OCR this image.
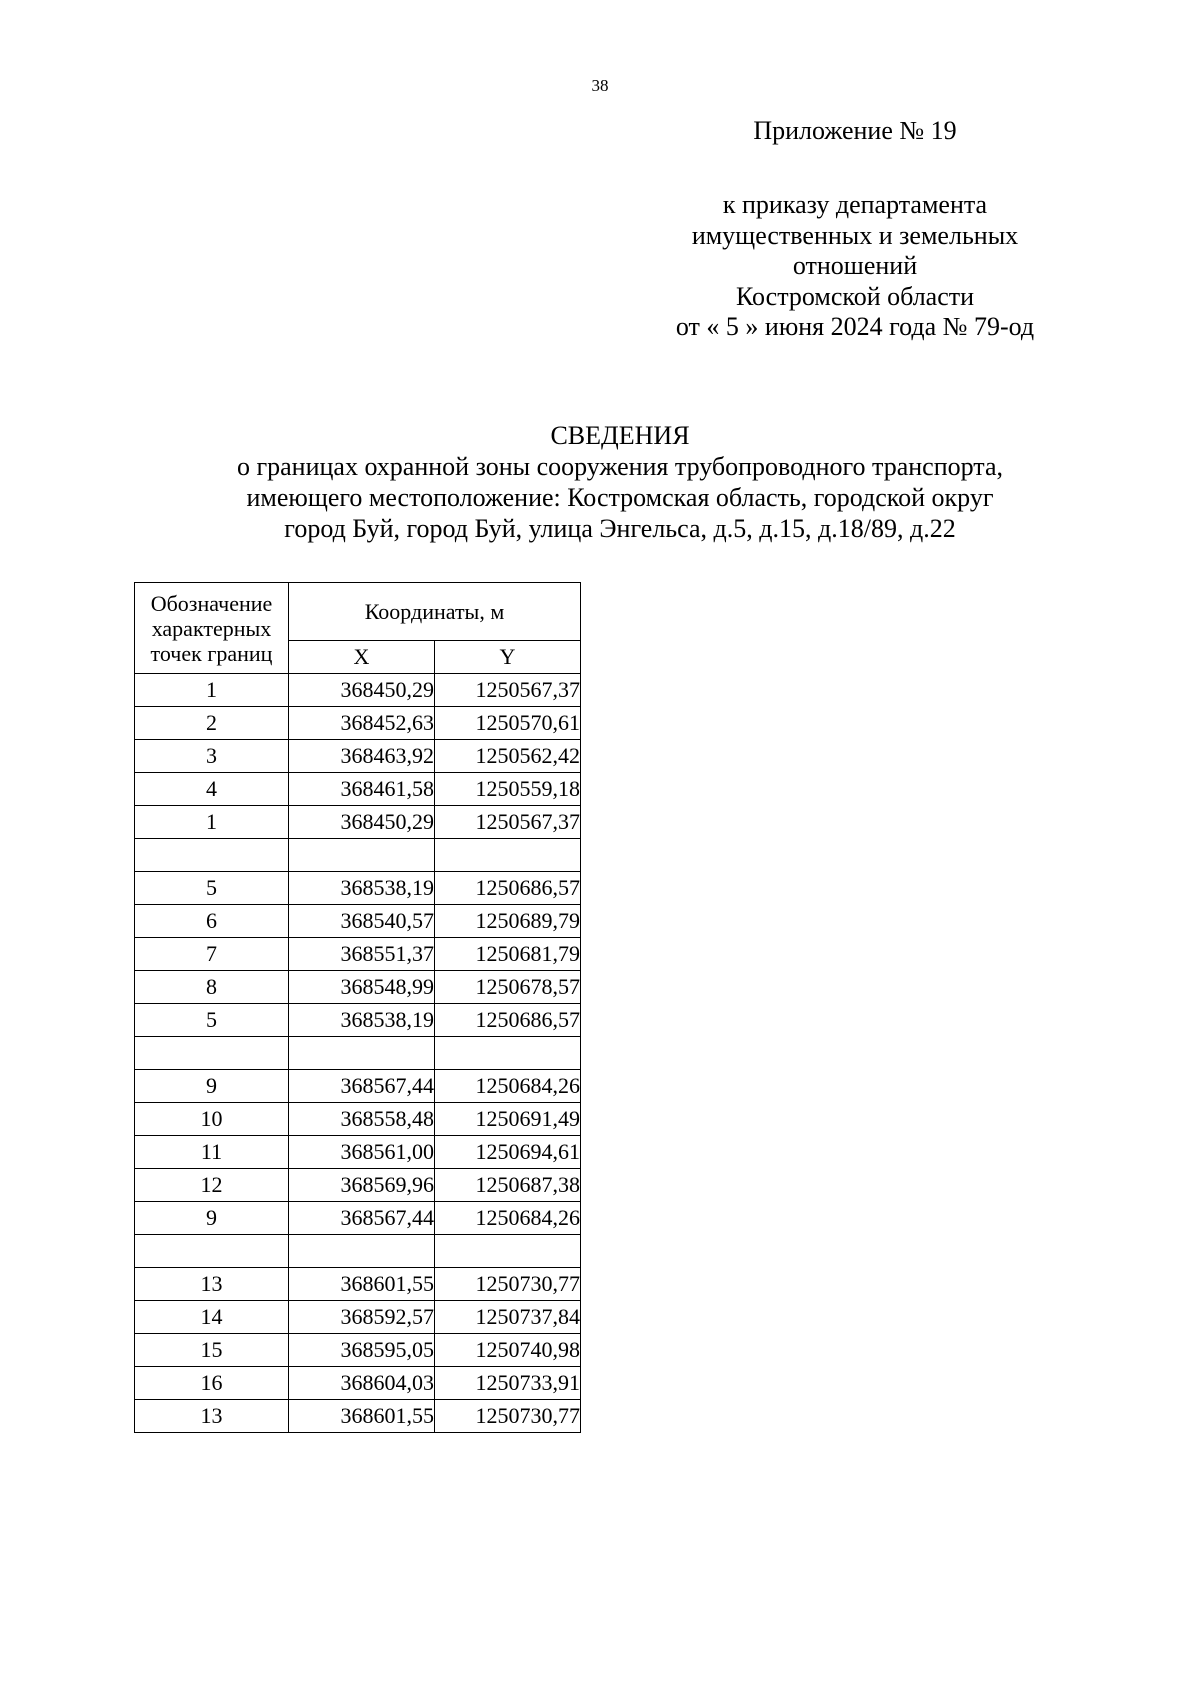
38
Приложение № 19
к приказу департамента
имущественных и земельных
отношений
Костромской области
от « 5 » июня 2024 года № 79-од
СВЕДЕНИЯ
о границах охранной зоны сооружения трубопроводного транспорта,
имеющего местоположение: Костромская область, городской округ
город Буй, город Буй, улица Энгельса, д.5, д.15, д.18/89, д.22
Обозначение характерных точек границ	Координаты, м	
	X	Y
1	368450,29	1250567,37
2	368452,63	1250570,61
3	368463,92	1250562,42
4	368461,58	1250559,18
1	368450,29	1250567,37

5	368538,19	1250686,57
6	368540,57	1250689,79
7	368551,37	1250681,79
8	368548,99	1250678,57
5	368538,19	1250686,57

9	368567,44	1250684,26
10	368558,48	1250691,49
11	368561,00	1250694,61
12	368569,96	1250687,38
9	368567,44	1250684,26

13	368601,55	1250730,77
14	368592,57	1250737,84
15	368595,05	1250740,98
16	368604,03	1250733,91
13	368601,55	1250730,77
